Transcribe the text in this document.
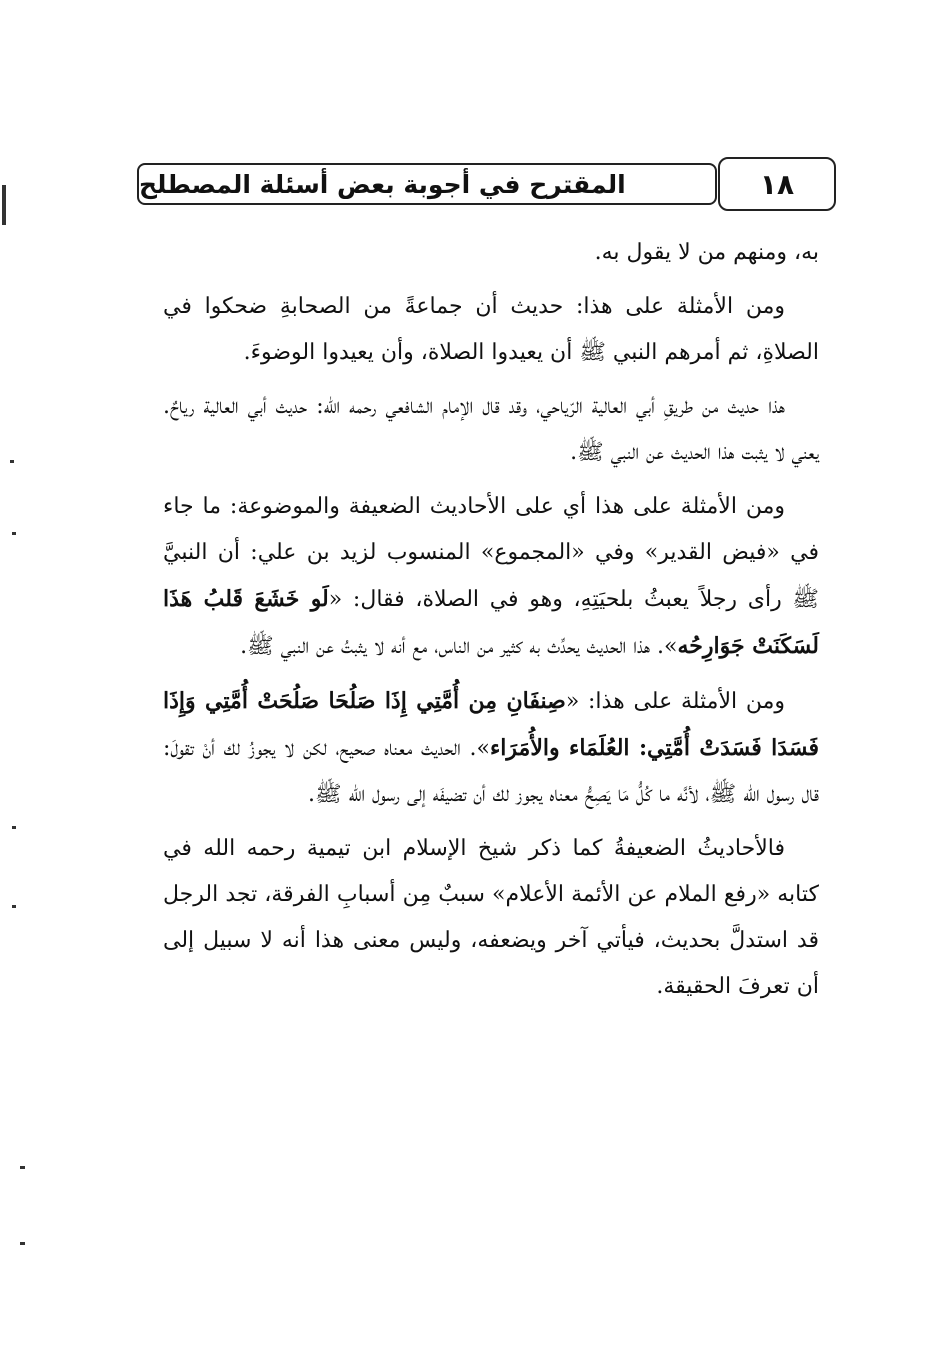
المقترح في أجوبة بعض أسئلة المصطلح	١٨

به، ومنهم من لا يقول به.

ومن الأمثلة على هذا: حديث أن جماعةً من الصحابةِ ضحكوا في الصلاةِ، ثم أمرهم النبي ﷺ أن يعيدوا الصلاة، وأن يعيدوا الوضوءَ.

هذا حديث من طريقِ أبي العالية الرّياحي، وقد قال الإمام الشافعي رحمه الله: حديث أبي العالية رياحٌ. يعني لا يثبت هذا الحديث عن النبي ﷺ.

ومن الأمثلة على هذا أي على الأحاديث الضعيفة والموضوعة: ما جاء في «فيض القدير» وفي «المجموع» المنسوب لزيد بن علي: أن النبيَّ ﷺ رأى رجلاً يعبثُ بلحيَتِهِ، وهو في الصلاة، فقال: «لَو خَشَعَ قَلبُ هَذَا لَسَكَنَتْ جَوَارِحُه». هذا الحديث يحدِّث به كثير من الناس، مع أنه لا يثبتُ عن النبي ﷺ.

ومن الأمثلة على هذا: «صِنفَانِ مِن أُمَّتِي إِذَا صَلُحَا صَلُحَتْ أُمَّتِي وَإِذَا فَسَدَا فَسَدَتْ أُمَّتِي: العُلَمَاء والأُمَرَاء». الحديث معناه صحيح، لكن لا يجوزُ لك أنْ تقولَ: قال رسول الله ﷺ، لأنَّه ما كُلُّ مَا يَصِحُّ معناه يجوز لك أن تضيفَه إلى رسول الله ﷺ.

فالأحاديثُ الضعيفةُ كما ذكر شيخ الإسلام ابن تيمية رحمه الله في كتابه «رفع الملام عن الأئمة الأعلام» سببٌ مِن أسبابِ الفرقة، تجد الرجل قد استدلَّ بحديث، فيأتي آخر ويضعفه، وليس معنى هذا أنه لا سبيل إلى أن تعرفَ الحقيقة.
